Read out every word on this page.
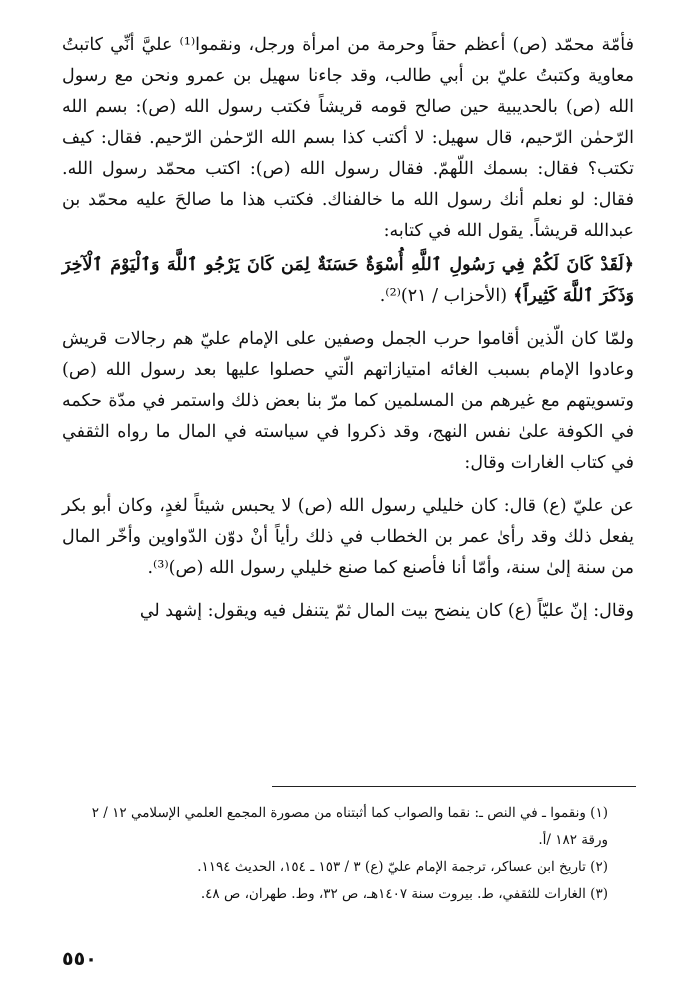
فأمّة محمّد (ص) أعظم حقاً وحرمة من امرأة ورجل، ونقموا⁽¹⁾ عليَّ أنِّي كاتبتُ معاوية وكتبتُ عليّ بن أبي طالب، وقد جاءنا سهيل بن عمرو ونحن مع رسول الله (ص) بالحديبية حين صالح قومه قريشاً فكتب رسول الله (ص): بسم الله الرّحمٰن الرّحيم، قال سهيل: لا أكتب كذا بسم الله الرّحمٰن الرّحيم. فقال: كيف تكتب؟ فقال: بسمك اللّهمّ. فقال رسول الله (ص): اكتب محمّد رسول الله. فقال: لو نعلم أنك رسول الله ما خالفناك. فكتب هذا ما صالحَ عليه محمّد بن عبدالله قريشاً. يقول الله في كتابه:

﴿لَقَدْ كَانَ لَكُمْ فِي رَسُولِ ٱللَّهِ أُسْوَةٌ حَسَنَةٌ لِمَن كَانَ يَرْجُو ٱللَّهَ وَٱلْيَوْمَ ٱلْآخِرَ وَذَكَرَ ٱللَّهَ كَثِيراً﴾ (الأحزاب / ٢١)⁽²⁾.

ولمّا كان الّذين أقاموا حرب الجمل وصفين على الإمام عليّ هم رجالات قريش وعادوا الإمام بسبب الغائه امتيازاتهم الّتي حصلوا عليها بعد رسول الله (ص) وتسويتهم مع غيرهم من المسلمين كما مرّ بنا بعض ذلك واستمر في مدّة حكمه في الكوفة علىٰ نفس النهج، وقد ذكروا في سياسته في المال ما رواه الثقفي في كتاب الغارات وقال:

عن عليّ (ع) قال: كان خليلي رسول الله (ص) لا يحبس شيئاً لغدٍ، وكان أبو بكر يفعل ذلك وقد رأىٰ عمر بن الخطاب في ذلك رأياً أنْ دوّن الدّواوين وأخّر المال من سنة إلىٰ سنة، وأمّا أنا فأصنع كما صنع خليلي رسول الله (ص)⁽³⁾.

وقال: إنّ عليّاً (ع) كان ينضح بيت المال ثمّ يتنفل فيه ويقول: إشهد لي

(١) ونقموا ـ في النص ـ: نقما والصواب كما أثبتناه من مصورة المجمع العلمي الإسلامي ١٢ / ٢ ورقة ١٨٢ /أ.

(٢) تاريخ ابن عساكر، ترجمة الإمام عليّ (ع) ٣ / ١٥٣ ـ ١٥٤، الحديث ١١٩٤.

(٣) الغارات للثقفي، ط. بيروت سنة ١٤٠٧هـ، ص ٣٢، وط. طهران، ص ٤٨.

٥٥٠
